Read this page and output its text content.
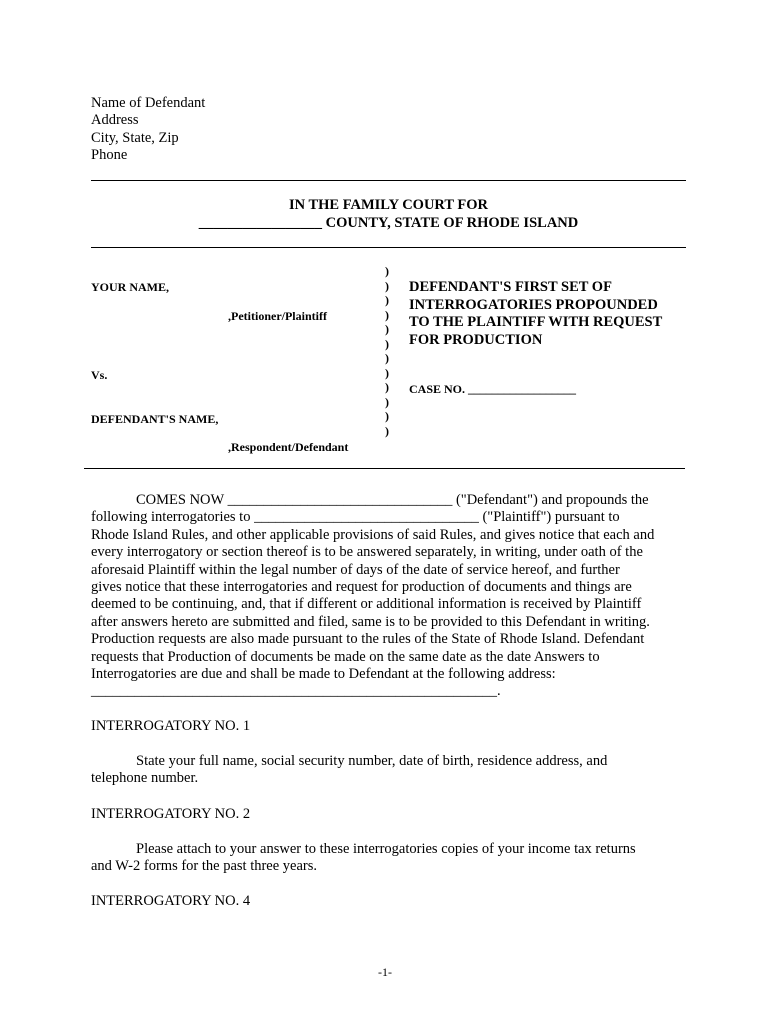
Name of Defendant
Address
City, State, Zip
Phone
IN THE FAMILY COURT FOR
_________________ COUNTY, STATE OF RHODE ISLAND
YOUR NAME,
,Petitioner/Plaintiff
Vs.
DEFENDANT'S NAME,
,Respondent/Defendant
)
)
)
)
)
)
)
)
)
)
)
)
DEFENDANT'S FIRST SET OF
INTERROGATORIES PROPOUNDED
TO THE PLAINTIFF WITH REQUEST
FOR PRODUCTION
CASE NO. __________________
COMES NOW _______________________________ ("Defendant") and propounds the
following interrogatories to _______________________________ ("Plaintiff") pursuant to
Rhode Island Rules, and other applicable provisions of said Rules, and gives notice that each and
every interrogatory or section thereof is to be answered separately, in writing, under oath of the
aforesaid Plaintiff within the legal number of days of the date of service hereof, and further
gives notice that these interrogatories and request for production of documents and things are
deemed to be continuing, and, that if different or additional information is received by Plaintiff
after answers hereto are submitted and filed, same is to be provided to this Defendant in writing.
Production requests are also made pursuant to the rules of the State of Rhode Island. Defendant
requests that Production of documents be made on the same date as the date Answers to
Interrogatories are due and shall be made to Defendant at the following address:
________________________________________________________.
INTERROGATORY NO. 1
State your full name, social security number, date of birth, residence address, and
telephone number.
INTERROGATORY NO. 2
Please attach to your answer to these interrogatories copies of your income tax returns
and W-2 forms for the past three years.
INTERROGATORY NO. 4
-1-
